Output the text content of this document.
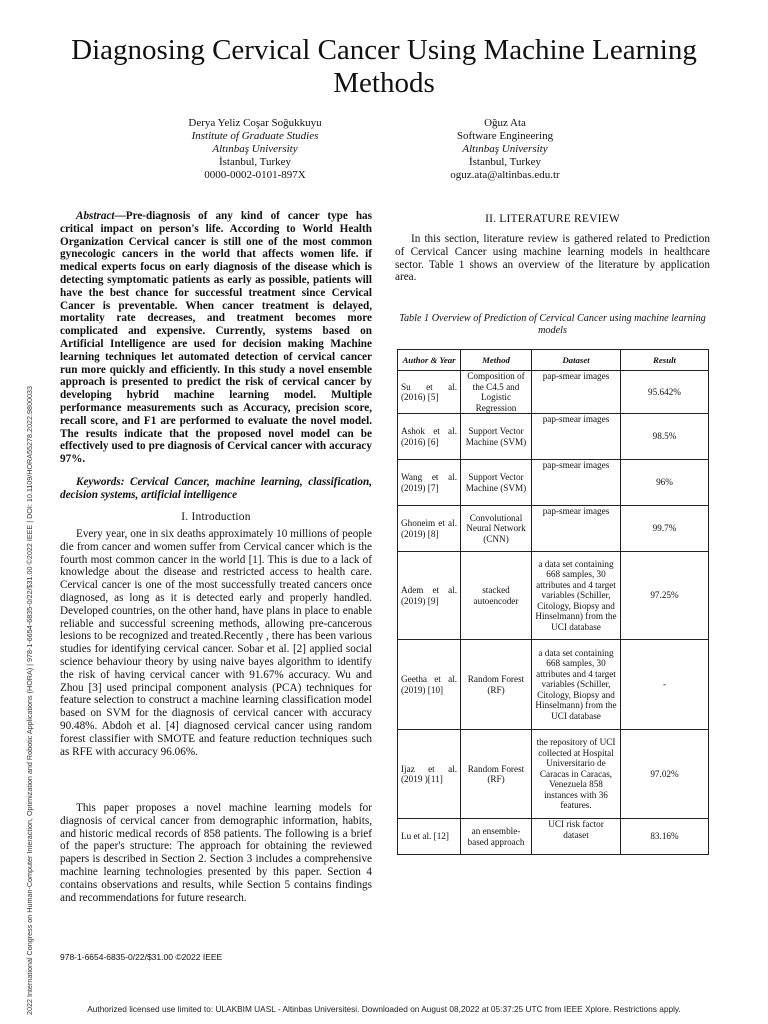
Diagnosing Cervical Cancer Using Machine Learning Methods
2022 International Congress on Human-Computer Interaction, Optimization and Robotic Applications (HORA) | 978-1-6654-6835-0/22/$31.00 ©2022 IEEE | DOI: 10.1109/HORA55278.2022.9800033
Derya Yeliz Coşar Soğukkuyu
Institute of Graduate Studies
Altınbaş University
İstanbul, Turkey
0000-0002-0101-897X
Oğuz Ata
Software Engineering
Altınbaş University
İstanbul, Turkey
oguz.ata@altinbas.edu.tr
Abstract—Pre-diagnosis of any kind of cancer type has critical impact on person's life. According to World Health Organization Cervical cancer is still one of the most common gynecologic cancers in the world that affects women life. if medical experts focus on early diagnosis of the disease which is detecting symptomatic patients as early as possible, patients will have the best chance for successful treatment since Cervical Cancer is preventable. When cancer treatment is delayed, mortality rate decreases, and treatment becomes more complicated and expensive. Currently, systems based on Artificial Intelligence are used for decision making Machine learning techniques let automated detection of cervical cancer run more quickly and efficiently. In this study a novel ensemble approach is presented to predict the risk of cervical cancer by developing hybrid machine learning model. Multiple performance measurements such as Accuracy, precision score, recall score, and F1 are performed to evaluate the novel model. The results indicate that the proposed novel model can be effectively used to pre diagnosis of Cervical cancer with accuracy 97%.
Keywords: Cervical Cancer, machine learning, classification, decision systems, artificial intelligence
I. Introduction
Every year, one in six deaths approximately 10 millions of people die from cancer and women suffer from Cervical cancer which is the fourth most common cancer in the world [1]. This is due to a lack of knowledge about the disease and restricted access to health care. Cervical cancer is one of the most successfully treated cancers once diagnosed, as long as it is detected early and properly handled. Developed countries, on the other hand, have plans in place to enable reliable and successful screening methods, allowing pre-cancerous lesions to be recognized and treated.Recently , there has been various studies for identifying cervical cancer. Sobar et al. [2] applied social science behaviour theory by using naive bayes algorithm to identify the risk of having cervical cancer with 91.67% accuracy. Wu and Zhou [3] used principal component analysis (PCA) techniques for feature selection to construct a machine learning classification model based on SVM for the diagnosis of cervical cancer with accuracy 90.48%. Abdoh et al. [4] diagnosed cervical cancer using random forest classifier with SMOTE and feature reduction techniques such as RFE with accuracy 96.06%.
This paper proposes a novel machine learning models for diagnosis of cervical cancer from demographic information, habits, and historic medical records of 858 patients. The following is a brief of the paper's structure: The approach for obtaining the reviewed papers is described in Section 2. Section 3 includes a comprehensive machine learning technologies presented by this paper. Section 4 contains observations and results, while Section 5 contains findings and recommendations for future research.
II. LITERATURE REVIEW
In this section, literature review is gathered related to Prediction of Cervical Cancer using machine learning models in healthcare sector. Table 1 shows an overview of the literature by application area.
Table 1 Overview of Prediction of Cervical Cancer using machine learning models
Author & Year	Method	Dataset	Result
Su et al. (2016) [5]	Composition of the C4.5 and Logistic Regression	pap-smear images	95.642%
Ashok et al. (2016) [6]	Support Vector Machine (SVM)	pap-smear images	98.5%
Wang et al. (2019) [7]	Support Vector Machine (SVM)	pap-smear images	96%
Ghoneim et al. (2019) [8]	Convolutional Neural Network (CNN)	pap-smear images	99.7%
Adem et al. (2019) [9]	stacked autoencoder	a data set containing 668 samples, 30 attributes and 4 target variables (Schiller, Citology, Biopsy and Hinselmann) from the UCI database	97.25%
Geetha et al. (2019) [10]	Random Forest (RF)	a data set containing 668 samples, 30 attributes and 4 target variables (Schiller, Citology, Biopsy and Hinselmann) from the UCI database	-
Ijaz et al. (2019 )[11]	Random Forest (RF)	the repository of UCI collected at Hospital Universitario de Caracas in Caracas, Venezuela 858 instances with 36 features.	97.02%
Lu et al. [12]	an ensemble-based approach	UCI risk factor dataset	83.16%
978-1-6654-6835-0/22/$31.00 ©2022 IEEE
Authorized licensed use limited to: ULAKBIM UASL - Altinbas Universitesi. Downloaded on August 08,2022 at 05:37:25 UTC from IEEE Xplore. Restrictions apply.
